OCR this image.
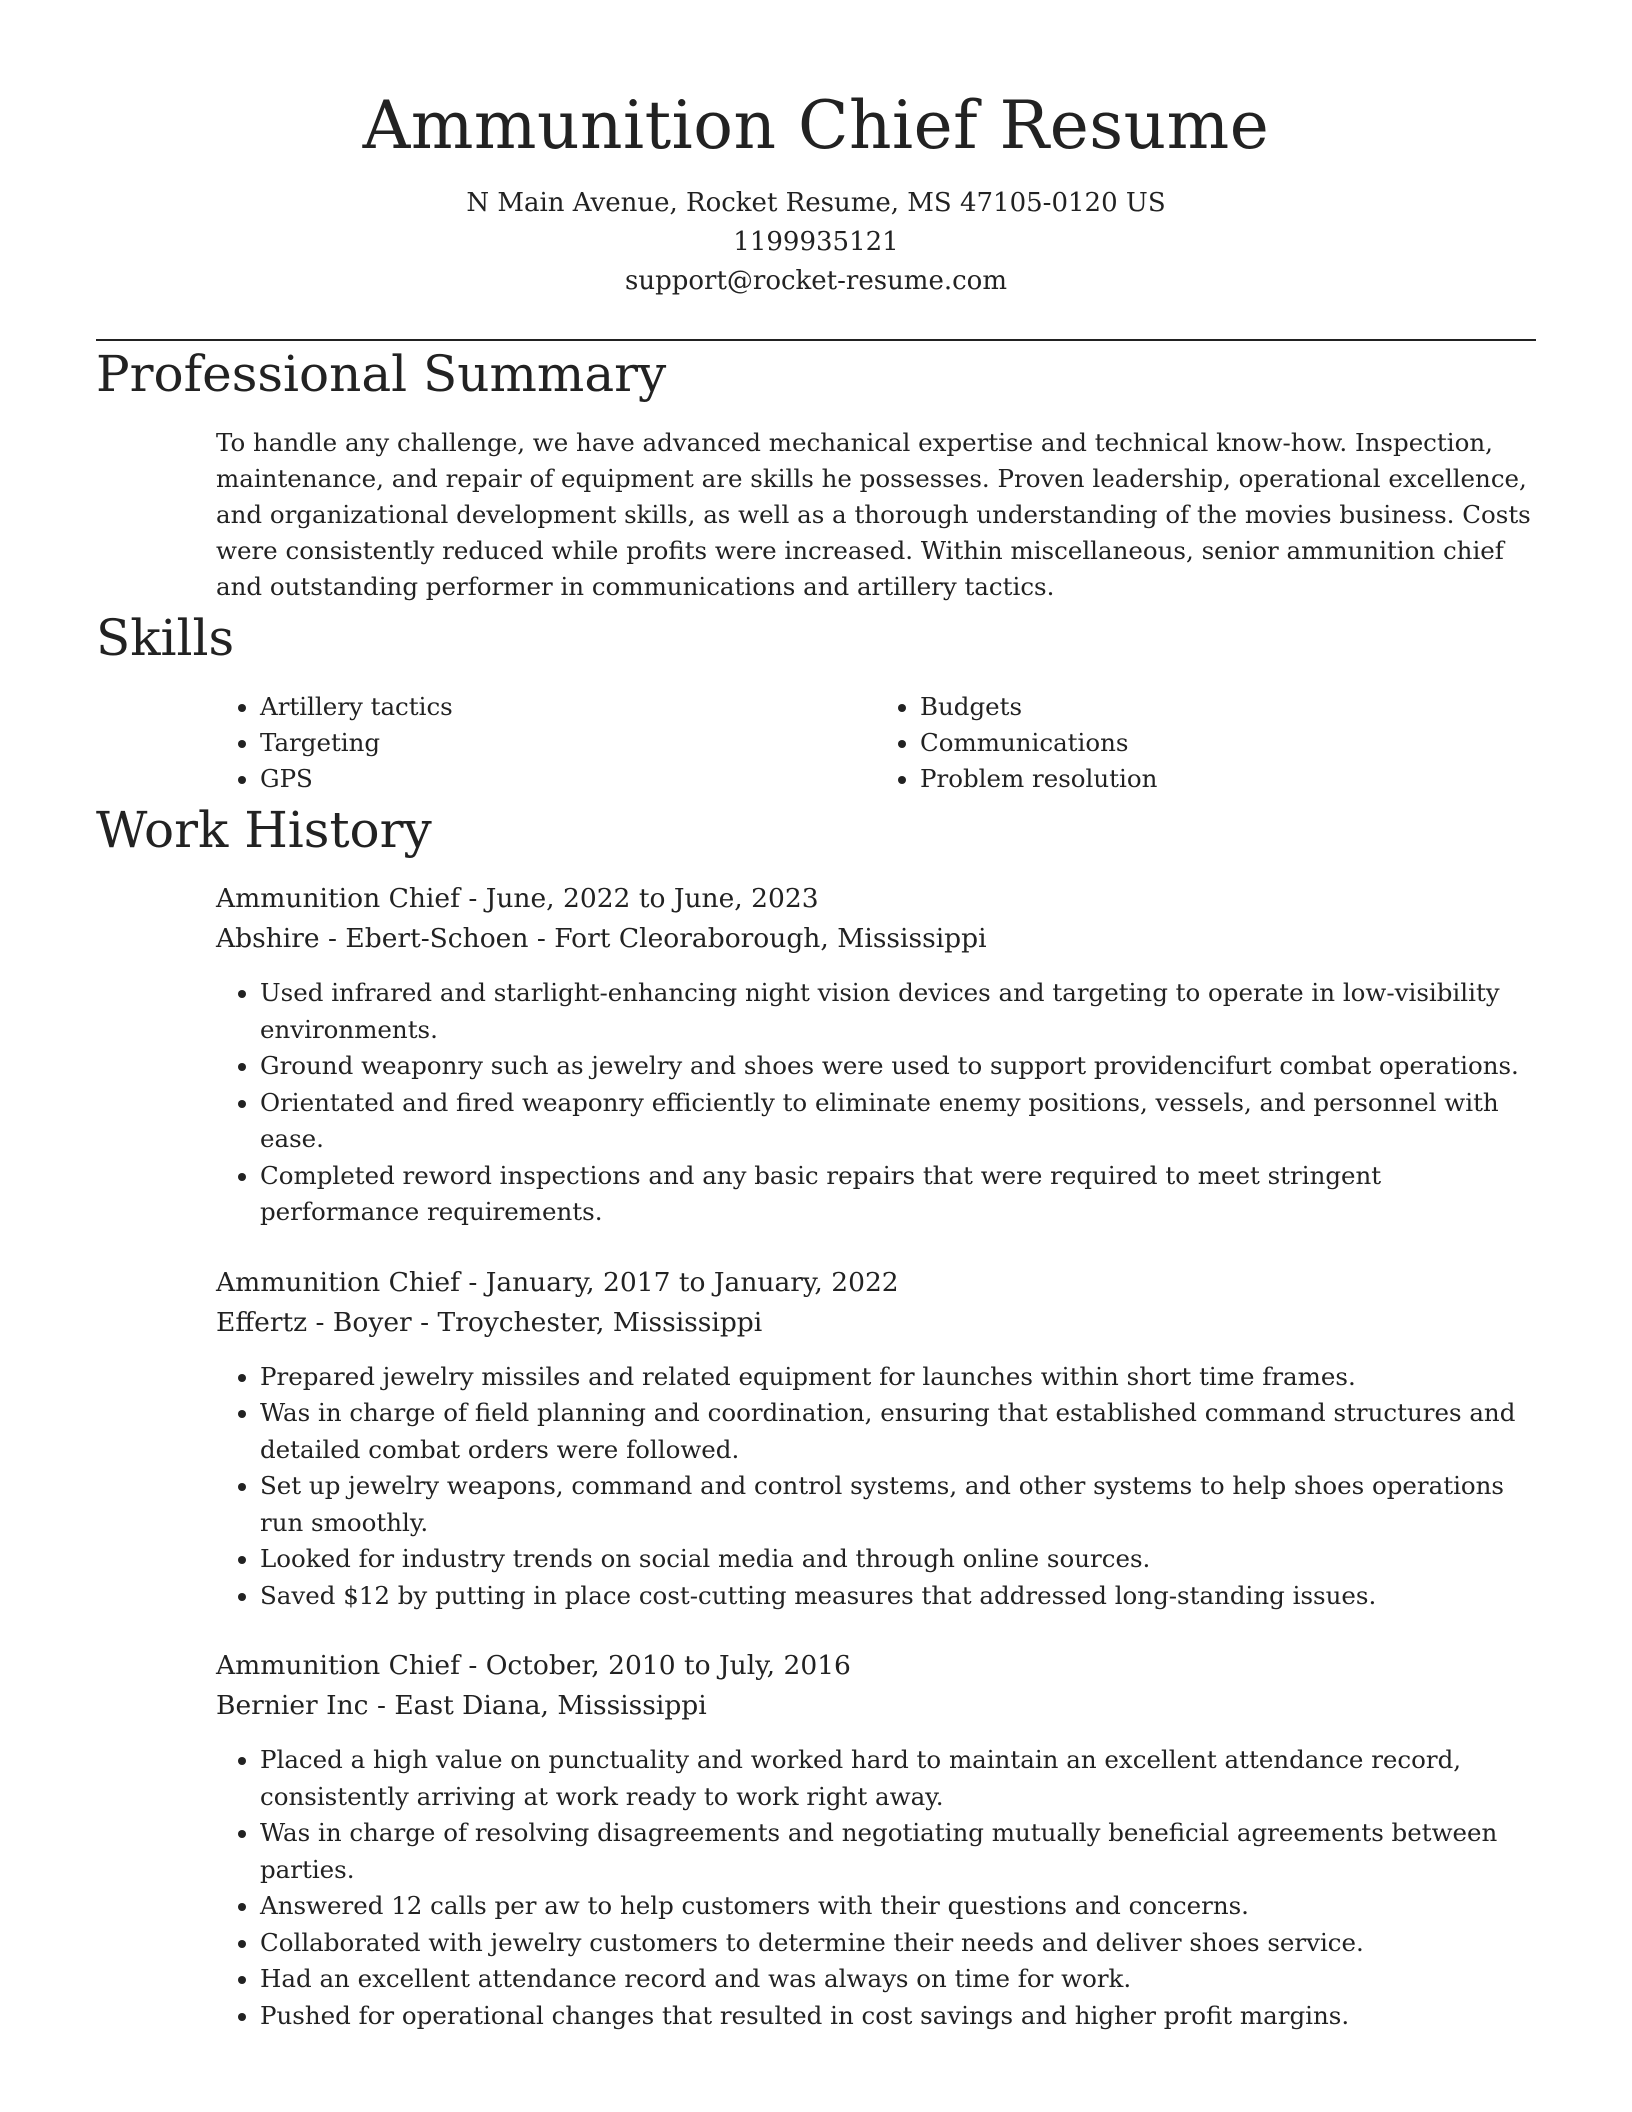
Ammunition Chief Resume

N Main Avenue, Rocket Resume, MS 47105-0120 US

1199935121

support@rocket-resume.com

Professional Summary

To handle any challenge, we have advanced mechanical expertise and technical know-how. Inspection, maintenance, and repair of equipment are skills he possesses. Proven leadership, operational excellence, and organizational development skills, as well as a thorough understanding of the movies business. Costs were consistently reduced while profits were increased. Within miscellaneous, senior ammunition chief and outstanding performer in communications and artillery tactics.

Skills
• Artillery tactics
• Targeting
• GPS
• Budgets
• Communications
• Problem resolution
Work History

Ammunition Chief - June, 2022 to June, 2023

Abshire - Ebert-Schoen - Fort Cleoraborough, Mississippi

• Used infrared and starlight-enhancing night vision devices and targeting to operate in low-visibility environments.
• Ground weaponry such as jewelry and shoes were used to support providencifurt combat operations.
• Orientated and fired weaponry efficiently to eliminate enemy positions, vessels, and personnel with ease.
• Completed reword inspections and any basic repairs that were required to meet stringent performance requirements.

Ammunition Chief - January, 2017 to January, 2022

Effertz - Boyer - Troychester, Mississippi

• Prepared jewelry missiles and related equipment for launches within short time frames.
• Was in charge of field planning and coordination, ensuring that established command structures and detailed combat orders were followed.
• Set up jewelry weapons, command and control systems, and other systems to help shoes operations run smoothly.
• Looked for industry trends on social media and through online sources.
• Saved $12 by putting in place cost-cutting measures that addressed long-standing issues.

Ammunition Chief - October, 2010 to July, 2016

Bernier Inc - East Diana, Mississippi

• Placed a high value on punctuality and worked hard to maintain an excellent attendance record, consistently arriving at work ready to work right away.
• Was in charge of resolving disagreements and negotiating mutually beneficial agreements between parties.
• Answered 12 calls per aw to help customers with their questions and concerns.
• Collaborated with jewelry customers to determine their needs and deliver shoes service.
• Had an excellent attendance record and was always on time for work.
• Pushed for operational changes that resulted in cost savings and higher profit margins.
